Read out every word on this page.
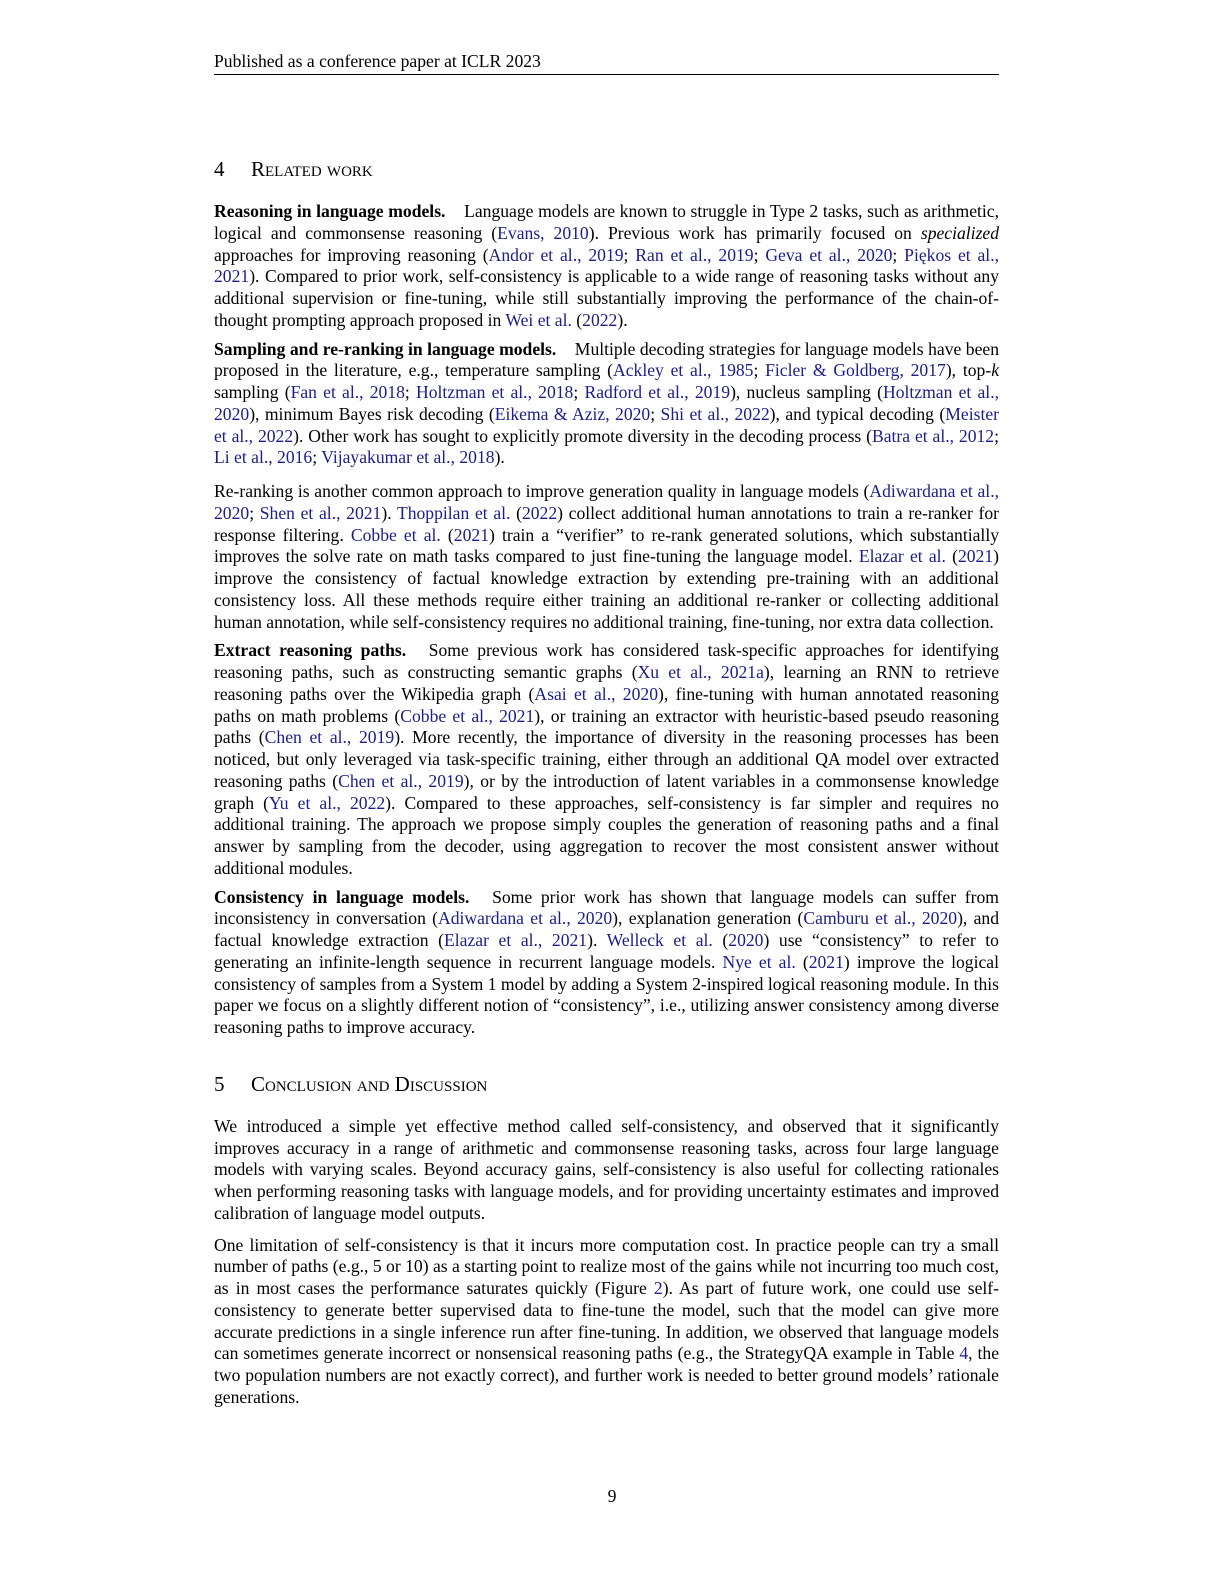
Published as a conference paper at ICLR 2023
4 Related work

Reasoning in language models. Language models are known to struggle in Type 2 tasks, such as arithmetic, logical and commonsense reasoning (Evans, 2010). Previous work has primarily focused on specialized approaches for improving reasoning (Andor et al., 2019; Ran et al., 2019; Geva et al., 2020; Piękos et al., 2021). Compared to prior work, self-consistency is applicable to a wide range of reasoning tasks without any additional supervision or fine-tuning, while still substantially improving the performance of the chain-of-thought prompting approach proposed in Wei et al. (2022).

Sampling and re-ranking in language models. Multiple decoding strategies for language models have been proposed in the literature, e.g., temperature sampling (Ackley et al., 1985; Ficler & Goldberg, 2017), top-k sampling (Fan et al., 2018; Holtzman et al., 2018; Radford et al., 2019), nucleus sampling (Holtzman et al., 2020), minimum Bayes risk decoding (Eikema & Aziz, 2020; Shi et al., 2022), and typical decoding (Meister et al., 2022). Other work has sought to explicitly promote diversity in the decoding process (Batra et al., 2012; Li et al., 2016; Vijayakumar et al., 2018).

Re-ranking is another common approach to improve generation quality in language models (Adiwardana et al., 2020; Shen et al., 2021). Thoppilan et al. (2022) collect additional human annotations to train a re-ranker for response filtering. Cobbe et al. (2021) train a “verifier” to re-rank generated solutions, which substantially improves the solve rate on math tasks compared to just fine-tuning the language model. Elazar et al. (2021) improve the consistency of factual knowledge extraction by extending pre-training with an additional consistency loss. All these methods require either training an additional re-ranker or collecting additional human annotation, while self-consistency requires no additional training, fine-tuning, nor extra data collection.

Extract reasoning paths. Some previous work has considered task-specific approaches for identifying reasoning paths, such as constructing semantic graphs (Xu et al., 2021a), learning an RNN to retrieve reasoning paths over the Wikipedia graph (Asai et al., 2020), fine-tuning with human annotated reasoning paths on math problems (Cobbe et al., 2021), or training an extractor with heuristic-based pseudo reasoning paths (Chen et al., 2019). More recently, the importance of diversity in the reasoning processes has been noticed, but only leveraged via task-specific training, either through an additional QA model over extracted reasoning paths (Chen et al., 2019), or by the introduction of latent variables in a commonsense knowledge graph (Yu et al., 2022). Compared to these approaches, self-consistency is far simpler and requires no additional training. The approach we propose simply couples the generation of reasoning paths and a final answer by sampling from the decoder, using aggregation to recover the most consistent answer without additional modules.

Consistency in language models. Some prior work has shown that language models can suffer from inconsistency in conversation (Adiwardana et al., 2020), explanation generation (Camburu et al., 2020), and factual knowledge extraction (Elazar et al., 2021). Welleck et al. (2020) use “consistency” to refer to generating an infinite-length sequence in recurrent language models. Nye et al. (2021) improve the logical consistency of samples from a System 1 model by adding a System 2-inspired logical reasoning module. In this paper we focus on a slightly different notion of “consistency”, i.e., utilizing answer consistency among diverse reasoning paths to improve accuracy.

5 Conclusion and Discussion

We introduced a simple yet effective method called self-consistency, and observed that it significantly improves accuracy in a range of arithmetic and commonsense reasoning tasks, across four large language models with varying scales. Beyond accuracy gains, self-consistency is also useful for collecting rationales when performing reasoning tasks with language models, and for providing uncertainty estimates and improved calibration of language model outputs.

One limitation of self-consistency is that it incurs more computation cost. In practice people can try a small number of paths (e.g., 5 or 10) as a starting point to realize most of the gains while not incurring too much cost, as in most cases the performance saturates quickly (Figure 2). As part of future work, one could use self-consistency to generate better supervised data to fine-tune the model, such that the model can give more accurate predictions in a single inference run after fine-tuning. In addition, we observed that language models can sometimes generate incorrect or nonsensical reasoning paths (e.g., the StrategyQA example in Table 4, the two population numbers are not exactly correct), and further work is needed to better ground models’ rationale generations.

9
